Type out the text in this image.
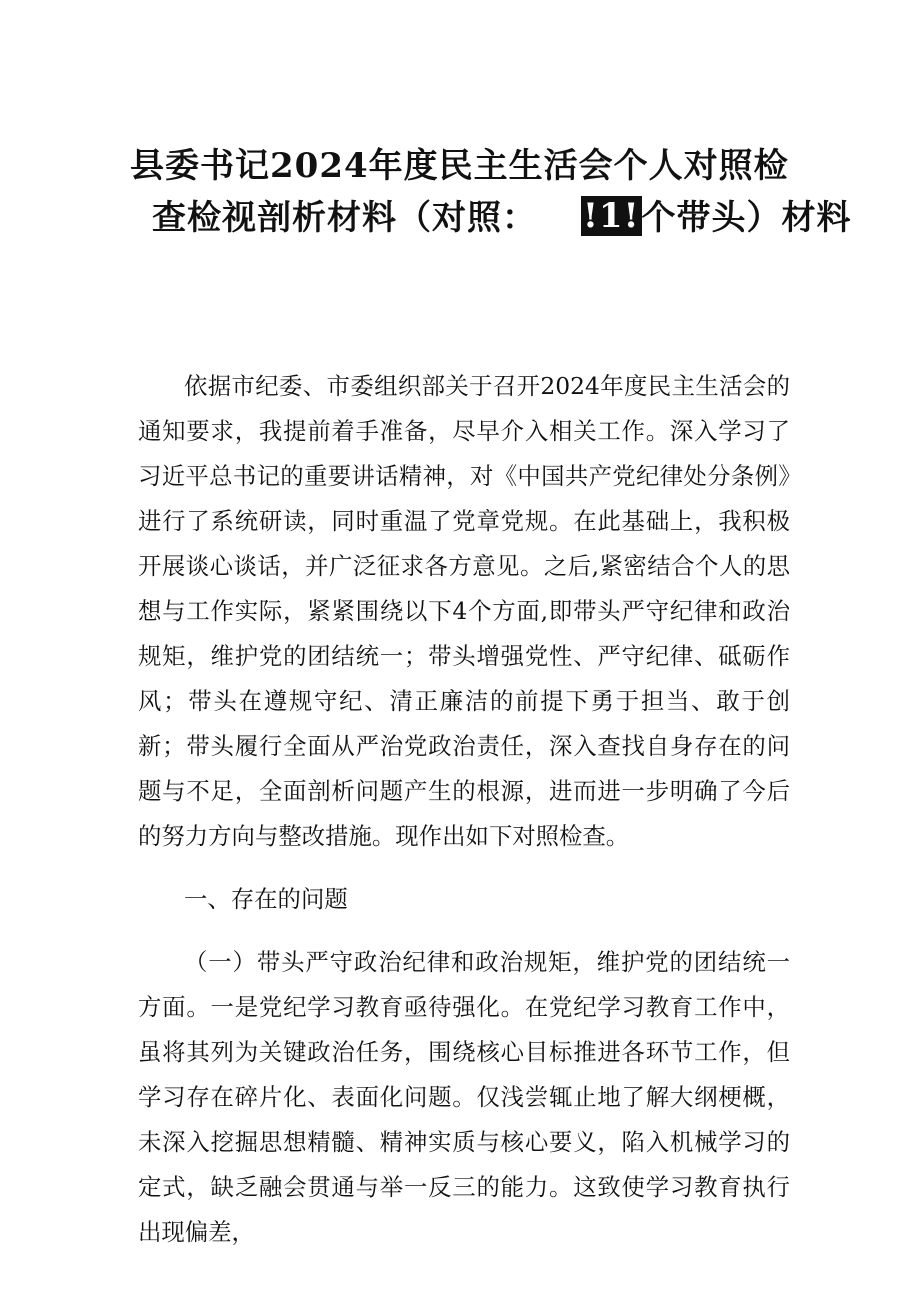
县委书记2024年度民主生活会个人对照检
查检视剖析材料（对照： !1!个带头）材料

依据市纪委、市委组织部关于召开2024年度民主生活会的通知要求，我提前着手准备，尽早介入相关工作。深入学习了习近平总书记的重要讲话精神，对《中国共产党纪律处分条例》进行了系统研读，同时重温了党章党规。在此基础上，我积极开展谈心谈话，并广泛征求各方意见。之后,紧密结合个人的思想与工作实际，紧紧围绕以下4个方面,即带头严守纪律和政治规矩，维护党的团结统一；带头增强党性、严守纪律、砥砺作风；带头在遵规守纪、清正廉洁的前提下勇于担当、敢于创新；带头履行全面从严治党政治责任，深入查找自身存在的问题与不足，全面剖析问题产生的根源，进而进一步明确了今后的努力方向与整改措施。现作出如下对照检查。

一、存在的问题

（一）带头严守政治纪律和政治规矩，维护党的团结统一方面。一是党纪学习教育亟待强化。在党纪学习教育工作中，虽将其列为关键政治任务，围绕核心目标推进各环节工作，但学习存在碎片化、表面化问题。仅浅尝辄止地了解大纲梗概，未深入挖掘思想精髓、精神实质与核心要义，陷入机械学习的定式，缺乏融会贯通与举一反三的能力。这致使学习教育执行出现偏差，
